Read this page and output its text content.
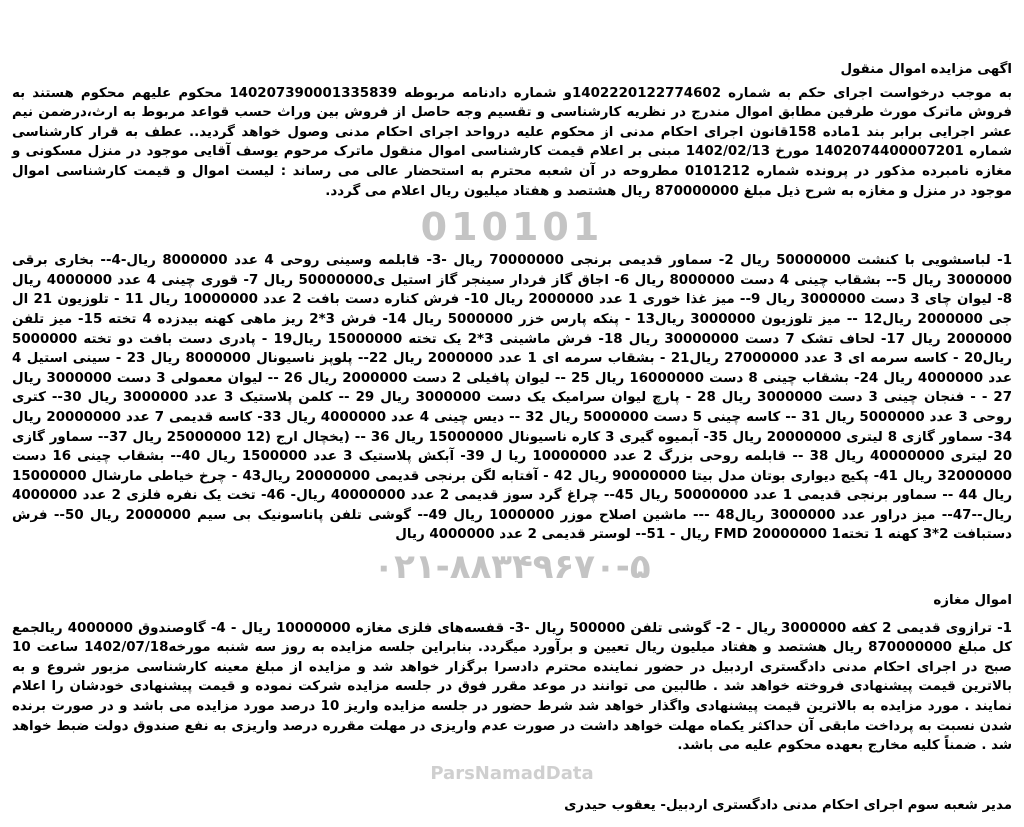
اگهی مزایده اموال منقول

به موجب درخواست اجرای حکم به شماره 140222012277460‌2و شماره دادنامه مربوطه 140207390001335839 محکوم علیهم محکوم هستند به فروش ماترک مورث طرفین مطابق اموال مندرج در نظریه کارشناسی و تقسیم وجه حاصل از فروش بین وراث حسب قواعد مربوط به ارث،درضمن نیم عشر اجرایی برابر بند 1ماده 158قانون اجرای احکام مدنی از محکوم علیه درواحد اجرای احکام مدنی وصول خواهد گردید.. عطف به قرار کارشناسی شماره 1402074400007201 مورخ 1402/02/13 مبنی بر اعلام قیمت کارشناسی اموال منقول ماترک مرحوم یوسف آقایی موجود در منزل مسکونی و مغازه نامبرده مذکور در پرونده شماره 0101212 مطروحه در آن شعبه محترم به استحضار عالی می رساند : لیست اموال و قیمت کارشناسی اموال موجود در منزل و مغازه به شرح ذیل مبلغ 870000000 ریال هشتصد و هفتاد میلیون ریال اعلام می گردد.

010101

1- لباسشویی با کنشت 50000000 ریال 2- سماور قدیمی برنجی 70000000 ریال -3- قابلمه وسینی روحی 4 عدد 8000000 ریال-4-- بخاری برقی 3000000 ریال 5-- بشقاب چینی 4 دست 8000000 ریال 6- اجاق گاز فردار سینجر گاز استیل ی50000000 ریال 7- قوری چینی 4 عدد 4000000 ریال 8- لیوان چای 3 دست 3000000 ریال 9-- میز غذا خوری 1 عدد 2000000 ریال 10- فرش کناره دست بافت 2 عدد 10000000 ریال 11 - تلوزیون 21 ال جی 2000000 ریال12 -- میز تلوزیون 3000000 ریال13 - پنکه پارس خزر 5000000 ریال 14- فرش 3*2 ریز ماهی کهنه بیدزده 4 تخته 15- میز تلفن 2000000 ریال 17- لحاف تشک 7 دست 30000000 ریال 18- فرش ماشینی 3*2 یک تخته 15000000 ریال19 - پادری دست بافت دو تخته 5000000 ریال20 - کاسه سرمه ای 3 عدد 27000000 ریال21 - بشقاب سرمه ای 1 عدد 2000000 ریال 22-- پلوپز ناسیونال 8000000 ریال 23 - سینی استیل 4 عدد 4000000 ریال 24- بشقاب چینی 8 دست 16000000 ریال 25 -- لیوان پافیلی 2 دست 2000000 ریال 26 -- لیوان معمولی 3 دست 3000000 ریال 27 - - فنجان چینی 3 دست 3000000 ریال 28 - پارچ لیوان سرامیک یک دست 3000000 ریال 29 -- کلمن پلاستیک 3 عدد 3000000 ریال 30-- کتری روحی 3 عدد 5000000 ریال 31 -- کاسه چینی 5 دست 5000000 ریال 32 -- دیس چینی 4 عدد 4000000 ریال 33- کاسه قدیمی 7 عدد 20000000 ریال 34- سماور گازی 8 لیتری 20000000 ریال 35- آبمیوه گیری 3 کاره ناسیونال 15000000 ریال 36 -- (یخچال ارج (12 25000000 ریال 37-- سماور گازی 20 لیتری 40000000 ریال 38 -- قابلمه روحی بزرگ 2 عدد 10000000 ریا ل 39- آبکش پلاستیک 3 عدد 1500000 ریال 40-- بشقاب چینی 16 دست 32000000 ریال 41- پکیج دیواری بوتان مدل بیتا 90000000 ریال 42 - آفتابه لگن برنجی قدیمی 20000000 ریال43 - چرخ خیاطی مارشال 15000000 ریال 44 -- سماور برنجی قدیمی 1 عدد 50000000 ریال 45-- چراغ گرد سوز قدیمی 2 عدد 40000000 ریال- 46- تخت یک نفره فلزی 2 عدد 4000000 ریال--47-- میز دراور عدد 3000000 ریال48 --- ماشین اصلاح موزر 1000000 ریال 49-- گوشی تلفن پاناسونیک بی سیم 2000000 ریال 50-- فرش دستبافت 2*3 کهنه 1 تخته1 FMD 20000000 ریال - 51-- لوستر قدیمی 2 عدد 4000000 ریال

۰۲۱-۸۸۳۴۹۶۷۰-۵

اموال مغازه

1- ترازوی قدیمی 2 کفه 3000000 ریال - 2- گوشی تلفن 500000 ریال -3- قفسه‌های فلزی مغازه 10000000 ریال - 4- گاوصندوق 4000000 ریالجمع کل مبلغ 870000000 ریال هشتصد و هفتاد میلیون ریال تعیین و برآورد میگردد. بنابراین جلسه مزایده به روز سه شنبه مورخه1402/07/18 ساعت 10 صبح در اجرای احکام مدنی دادگستری اردبیل در حضور نماینده محترم دادسرا برگزار خواهد شد و مزایده از مبلغ معینه کارشناسی مزبور شروع و به بالاترین قیمت پیشنهادی فروخته خواهد شد . طالبین می توانند در موعد مقرر فوق در جلسه مزایده شرکت نموده و قیمت پیشنهادی خودشان را اعلام نمایند . مورد مزایده به بالاترین قیمت پیشنهادی واگذار خواهد شد شرط حضور در جلسه مزایده واریز 10 درصد مورد مزایده می باشد و در صورت برنده شدن نسبت به پرداخت مابقی آن حداکثر یکماه مهلت خواهد داشت در صورت عدم واریزی در مهلت مقرره درصد واریزی به نفع صندوق دولت ضبط خواهد شد . ضمناً کلیه مخارج بعهده محکوم علیه می باشد.

ParsNamadData

مدیر شعبه سوم اجرای احکام مدنی دادگستری اردبیل- یعقوب حیدری
